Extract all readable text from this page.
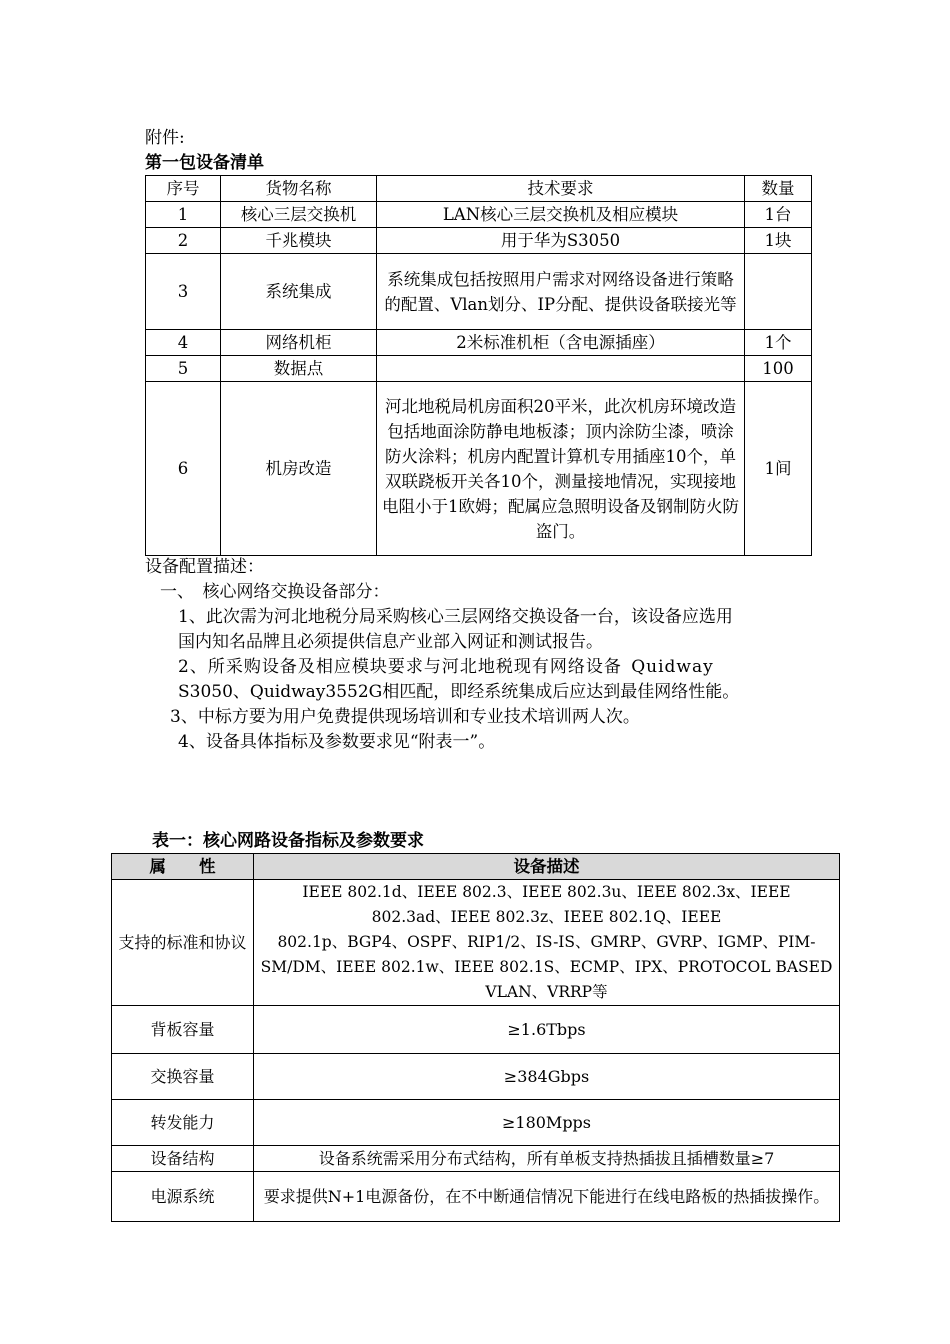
附件:
第一包设备清单
序号	货物名称	技术要求	数量
1	核心三层交换机	LAN核心三层交换机及相应模块	1台
2	千兆模块	用于华为S3050	1块
3	系统集成	系统集成包括按照用户需求对网络设备进行策略的配置、Vlan划分、IP分配、提供设备联接光等	
4	网络机柜	2米标准机柜（含电源插座）	1个
5	数据点		100
6	机房改造	河北地税局机房面积20平米，此次机房环境改造包括地面涂防静电地板漆；顶内涂防尘漆，喷涂防火涂料；机房内配置计算机专用插座10个，单双联跷板开关各10个，测量接地情况，实现接地电阻小于1欧姆；配属应急照明设备及钢制防火防盗门。	1间
设备配置描述：
一、　核心网络交换设备部分：
1、此次需为河北地税分局采购核心三层网络交换设备一台，该设备应选用
国内知名品牌且必须提供信息产业部入网证和测试报告。
2、所采购设备及相应模块要求与河北地税现有网络设备 Quidway
S3050、Quidway3552G相匹配，即经系统集成后应达到最佳网络性能。
3、中标方要为用户免费提供现场培训和专业技术培训两人次。
4、设备具体指标及参数要求见“附表一”。
表一：核心网路设备指标及参数要求
属　　性	设备描述
支持的标准和协议	IEEE 802.1d、IEEE 802.3、IEEE 802.3u、IEEE 802.3x、IEEE
802.3ad、IEEE 802.3z、IEEE 802.1Q、IEEE
802.1p、BGP4、OSPF、RIP1/2、IS-IS、GMRP、GVRP、IGMP、PIM-
SM/DM、IEEE 802.1w、IEEE 802.1S、ECMP、IPX、PROTOCOL BASED
VLAN、VRRP等

背板容量	≥1.6Tbps
交换容量	≥384Gbps
转发能力	≥180Mpps
设备结构	设备系统需采用分布式结构，所有单板支持热插拔且插槽数量≥7
电源系统	要求提供N+1电源备份，在不中断通信情况下能进行在线电路板的热插拔操作。
